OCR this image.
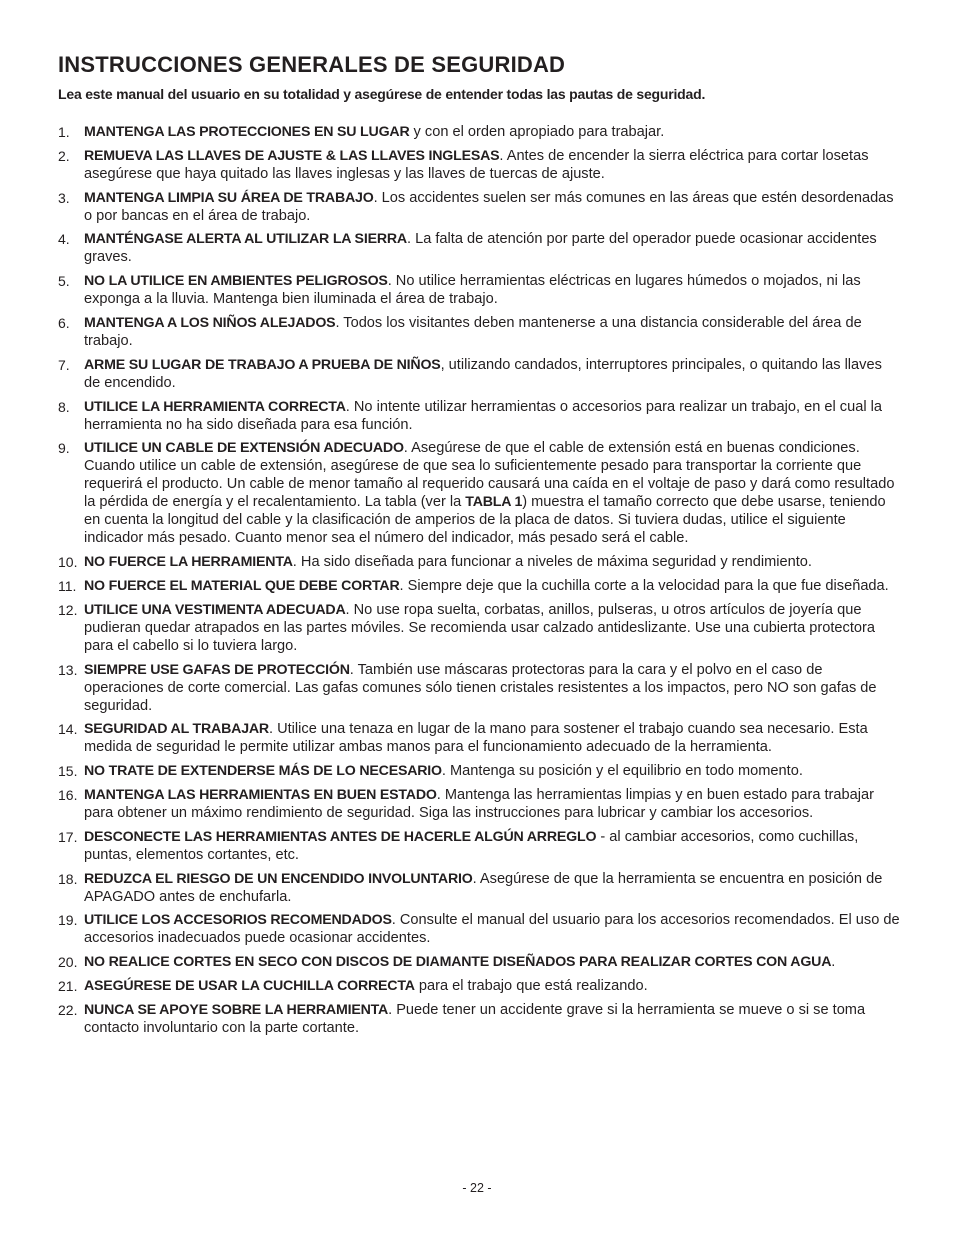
INSTRUCCIONES GENERALES DE SEGURIDAD

Lea este manual del usuario en su totalidad y asegúrese de entender todas las pautas de seguridad.

1. MANTENGA LAS PROTECCIONES EN SU LUGAR y con el orden apropiado para trabajar.
2. REMUEVA LAS LLAVES DE AJUSTE & LAS LLAVES INGLESAS. Antes de encender la sierra eléctrica para cortar losetas asegúrese que haya quitado las llaves inglesas y las llaves de tuercas de ajuste.
3. MANTENGA LIMPIA SU ÁREA DE TRABAJO. Los accidentes suelen ser más comunes en las áreas que estén desordenadas o por bancas en el área de trabajo.
4. MANTÉNGASE ALERTA AL UTILIZAR LA SIERRA. La falta de atención por parte del operador puede ocasionar accidentes graves.
5. NO LA UTILICE EN AMBIENTES PELIGROSOS. No utilice herramientas eléctricas en lugares húmedos o mojados, ni las exponga a la lluvia. Mantenga bien iluminada el área de trabajo.
6. MANTENGA A LOS NIÑOS ALEJADOS. Todos los visitantes deben mantenerse a una distancia considerable del área de trabajo.
7. ARME SU LUGAR DE TRABAJO A PRUEBA DE NIÑOS, utilizando candados, interruptores principales, o quitando las llaves de encendido.
8. UTILICE LA HERRAMIENTA CORRECTA. No intente utilizar herramientas o accesorios para realizar un trabajo, en el cual la herramienta no ha sido diseñada para esa función.
9. UTILICE UN CABLE DE EXTENSIÓN ADECUADO. Asegúrese de que el cable de extensión está en buenas condiciones. Cuando utilice un cable de extensión, asegúrese de que sea lo suficientemente pesado para transportar la corriente que requerirá el producto. Un cable de menor tamaño al requerido causará una caída en el voltaje de paso y dará como resultado la pérdida de energía y el recalentamiento. La tabla (ver la TABLA 1) muestra el tamaño correcto que debe usarse, teniendo en cuenta la longitud del cable y la clasificación de amperios de la placa de datos. Si tuviera dudas, utilice el siguiente indicador más pesado. Cuanto menor sea el número del indicador, más pesado será el cable.
10. NO FUERCE LA HERRAMIENTA. Ha sido diseñada para funcionar a niveles de máxima seguridad y rendimiento.
11. NO FUERCE EL MATERIAL QUE DEBE CORTAR. Siempre deje que la cuchilla corte a la velocidad para la que fue diseñada.
12. UTILICE UNA VESTIMENTA ADECUADA. No use ropa suelta, corbatas, anillos, pulseras, u otros artículos de joyería que pudieran quedar atrapados en las partes móviles. Se recomienda usar calzado antideslizante. Use una cubierta protectora para el cabello si lo tuviera largo.
13. SIEMPRE USE GAFAS DE PROTECCIÓN. También use máscaras protectoras para la cara y el polvo en el caso de operaciones de corte comercial. Las gafas comunes sólo tienen cristales resistentes a los impactos, pero NO son gafas de seguridad.
14. SEGURIDAD AL TRABAJAR. Utilice una tenaza en lugar de la mano para sostener el trabajo cuando sea necesario. Esta medida de seguridad le permite utilizar ambas manos para el funcionamiento adecuado de la herramienta.
15. NO TRATE DE EXTENDERSE MÁS DE LO NECESARIO. Mantenga su posición y el equilibrio en todo momento.
16. MANTENGA LAS HERRAMIENTAS EN BUEN ESTADO. Mantenga las herramientas limpias y en buen estado para trabajar para obtener un máximo rendimiento de seguridad. Siga las instrucciones para lubricar y cambiar los accesorios.
17. DESCONECTE LAS HERRAMIENTAS ANTES DE HACERLE ALGÚN ARREGLO - al cambiar accesorios, como cuchillas, puntas, elementos cortantes, etc.
18. REDUZCA EL RIESGO DE UN ENCENDIDO INVOLUNTARIO. Asegúrese de que la herramienta se encuentra en posición de APAGADO antes de enchufarla.
19. UTILICE LOS ACCESORIOS RECOMENDADOS. Consulte el manual del usuario para los accesorios recomendados. El uso de accesorios inadecuados puede ocasionar accidentes.
20. NO REALICE CORTES EN SECO CON DISCOS DE DIAMANTE DISEÑADOS PARA REALIZAR CORTES CON AGUA.
21. ASEGÚRESE DE USAR LA CUCHILLA CORRECTA para el trabajo que está realizando.
22. NUNCA SE APOYE SOBRE LA HERRAMIENTA. Puede tener un accidente grave si la herramienta se mueve o si se toma contacto involuntario con la parte cortante.
- 22 -
